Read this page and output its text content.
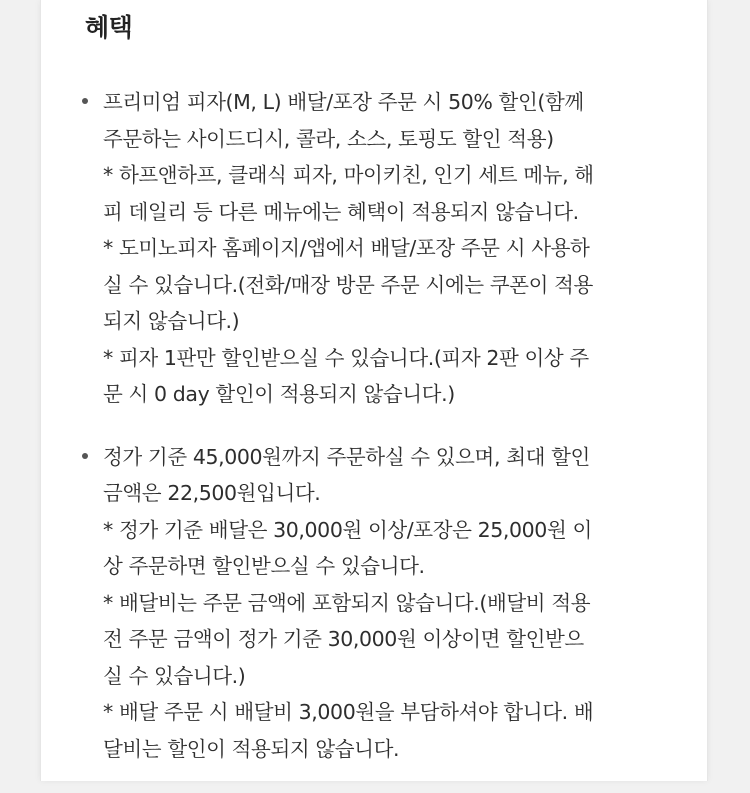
혜택
프리미엄 피자(M, L) 배달/포장 주문 시 50% 할인(함께
주문하는 사이드디시, 콜라, 소스, 토핑도 할인 적용)
* 하프앤하프, 클래식 피자, 마이키친, 인기 세트 메뉴, 해
피 데일리 등 다른 메뉴에는 혜택이 적용되지 않습니다.
* 도미노피자 홈페이지/앱에서 배달/포장 주문 시 사용하
실 수 있습니다.(전화/매장 방문 주문 시에는 쿠폰이 적용
되지 않습니다.)
* 피자 1판만 할인받으실 수 있습니다.(피자 2판 이상 주
문 시 0 day 할인이 적용되지 않습니다.)
정가 기준 45,000원까지 주문하실 수 있으며, 최대 할인
금액은 22,500원입니다.
* 정가 기준 배달은 30,000원 이상/포장은 25,000원 이
상 주문하면 할인받으실 수 있습니다.
* 배달비는 주문 금액에 포함되지 않습니다.(배달비 적용
전 주문 금액이 정가 기준 30,000원 이상이면 할인받으
실 수 있습니다.)
* 배달 주문 시 배달비 3,000원을 부담하셔야 합니다. 배
달비는 할인이 적용되지 않습니다.
